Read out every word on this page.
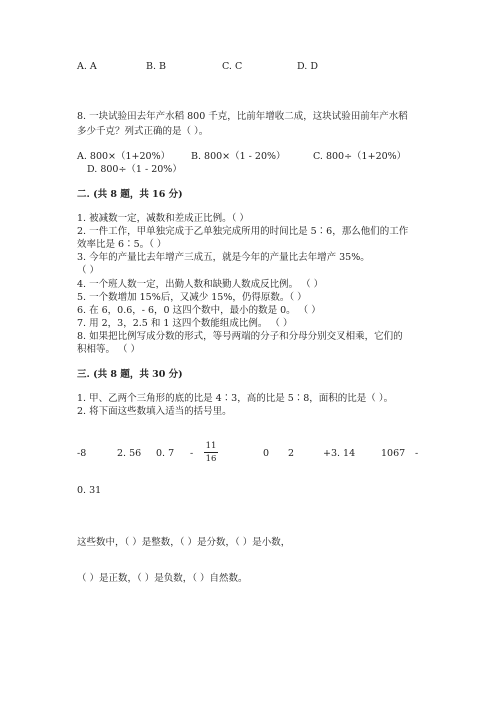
A. A	B. B	C. C	D. D
8. 一块试验田去年产水稻 800 千克，比前年增收二成，这块试验田前年产水稻
多少千克？列式正确的是（ ）。
A. 800×（1+20%） B. 800×（1 - 20%）	C. 800÷（1+20%）
D. 800÷（1 - 20%）
二. (共 8 题，共 16 分)
1. 被减数一定，减数和差成正比例。（ ）
2. 一件工作，甲单独完成于乙单独完成所用的时间比是 5∶6，那么他们的工作
效率比是 6∶5。（ ）
3. 今年的产量比去年增产三成五，就是今年的产量比去年增产 35%。
（ ）
4. 一个班人数一定，出勤人数和缺勤人数成反比例。 （ ）
5. 一个数增加 15%后，又减少 15%，仍得原数。（ ）
6. 在 6，0.6，- 6，0 这四个数中，最小的数是 0。 （ ）
7. 用 2，3，2.5 和 1 这四个数能组成比例。 （ ）
8. 如果把比例写成分数的形式，等号两端的分子和分母分别交叉相乘，它们的
积相等。 （ ）
三. (共 8 题，共 30 分)
1. 甲、乙两个三角形的底的比是 4∶3，高的比是 5∶8，面积的比是（ ）。
2. 将下面这些数填入适当的括号里。
-8	2. 56 0. 7 -
11
16	0 2	+3. 14	1067 -
0. 31
这些数中，（ ）是整数，（ ）是分数，（ ）是小数，
（ ）是正数，（ ）是负数，（ ）自然数。
